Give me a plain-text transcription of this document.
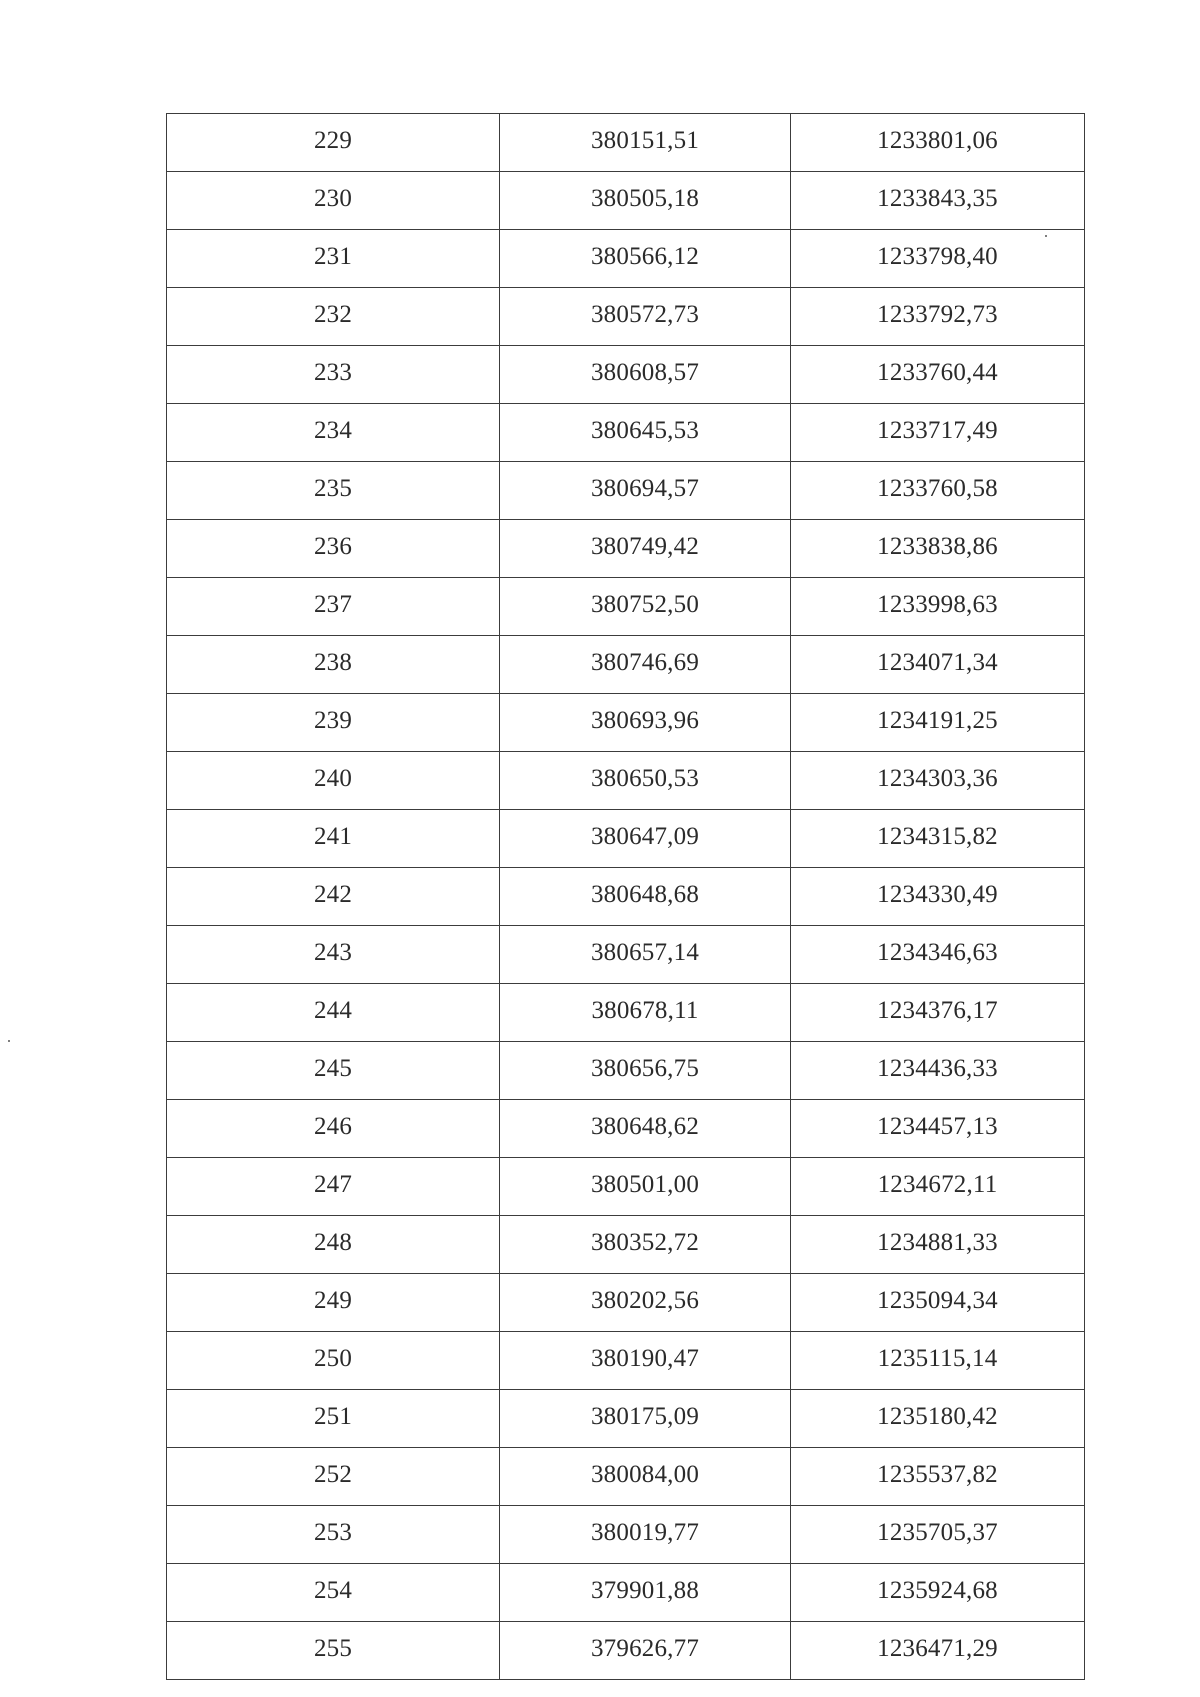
229	380151,51	1233801,06
230	380505,18	1233843,35
231	380566,12	1233798,40
232	380572,73	1233792,73
233	380608,57	1233760,44
234	380645,53	1233717,49
235	380694,57	1233760,58
236	380749,42	1233838,86
237	380752,50	1233998,63
238	380746,69	1234071,34
239	380693,96	1234191,25
240	380650,53	1234303,36
241	380647,09	1234315,82
242	380648,68	1234330,49
243	380657,14	1234346,63
244	380678,11	1234376,17
245	380656,75	1234436,33
246	380648,62	1234457,13
247	380501,00	1234672,11
248	380352,72	1234881,33
249	380202,56	1235094,34
250	380190,47	1235115,14
251	380175,09	1235180,42
252	380084,00	1235537,82
253	380019,77	1235705,37
254	379901,88	1235924,68
255	379626,77	1236471,29
